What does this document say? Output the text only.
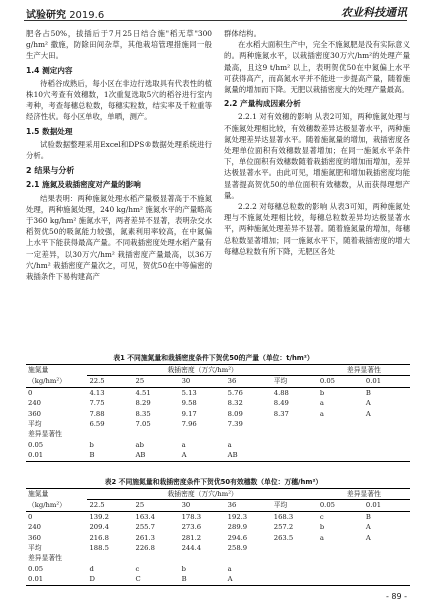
试验研究 2019.6	农业科技通讯

肥各占50%，拔插后于7月25日结合施"稻无草"300 g/hm² 撒施，防除田间杂草，其他栽培管理措施同一般生产大田。

1.4 测定内容

待稻谷成熟后，每小区在非边行选取具有代表性的植株10穴考查有效穗数，1次重复选取5穴的稻谷进行室内考种，考查每穗总粒数，每穗实粒数，结实率及千粒重等经济性状。每小区单收，单晒，测产。

1.5 数据处理

试验数据整理采用Excel和DPS®数据处理系统进行分析。

2 结果与分析
2.1 施氮及栽插密度对产量的影响

结果表明：两种施氮处理水稻产量极显著高于不施氮处理，两种施氮处理，240 kg/hm² 施氮水平的产量略高于360 kg/hm² 施氮水平，两者差异不显著，表明杂交水稻贺优50的吸氮能力较强，氮素利用率较高，在中氮偏上水平下能获得最高产量。不同栽插密度处理水稻产量有一定差异，以30万穴/hm² 栽插密度产量最高，以36万穴/hm² 栽插密度产量次之，可见，贺优50在中等偏密的栽插条件下易构建高产

群体结构。

在水稻大面积生产中，完全不施氮肥是没有实际意义的。两种施氮水平，以栽插密度30万穴/hm²的处理产量最高，且这9 t/hm² 以上，表明贺优50在中氮偏上水平可获得高产，而高氮水平并不能进一步提高产量，随着施氮量的增加而下降。无肥以栽插密度大的处理产量最高。

2.2 产量构成因素分析

2.2.1 对有效穗的影响 从表2可知，两种施氮处理与不施氮处理相比较，有效穗数差异达极显著水平，两种施氮处理差异达显著水平。随着施氮量的增加，栽插密度各处理单位面积有效穗数显著增加；在同一施氮水平条件下，单位面积有效穗数随着栽插密度的增加而增加，差异达极显著水平。由此可见，增施氮肥和增加栽插密度均能显著提高贺优50的单位面积有效穗数，从而获得理想产量。

2.2.2 对每穗总粒数的影响 从表3可知，两种施氮处理与不施氮处理相比较，每穗总粒数差异均达极显著水平，两种施氮处理差异不显著。随着施氮量的增加，每穗总粒数显著增加；同一施氮水平下，随着栽插密度的增大每穗总粒数有所下降，无肥区各处

表1 不同施氮量和栽插密度条件下贺优50的产量（单位：t/hm²）
施氮量	栽插密度（万穴/hm²）					差异显著性	
（kg/hm²）	22.5	25	30	36	平均	0.05	0.01
0	4.13	4.51	5.13	5.76	4.88	b	B
240	7.75	8.29	9.58	8.32	8.49	a	A
360	7.88	8.35	9.17	8.09	8.37	a	A
平均	6.59	7.05	7.96	7.39			
差异显著性							
0.05	b	ab	a	a			
0.01	B	AB	A	AB			
表2 不同施氮量和栽插密度条件下贺优50有效穗数（单位：万穗/hm²）
施氮量	栽插密度（万穴/hm²）					差异显著性	
（kg/hm²）	22.5	25	30	36	平均	0.05	0.01
0	139.2	163.4	178.3	192.3	168.3	c	B
240	209.4	255.7	273.6	289.9	257.2	b	A
360	216.8	261.3	281.2	294.6	263.5	a	A
平均	188.5	226.8	244.4	258.9			
差异显著性							
0.05	d	c	b	a			
0.01	D	C	B	A			
- 89 -
